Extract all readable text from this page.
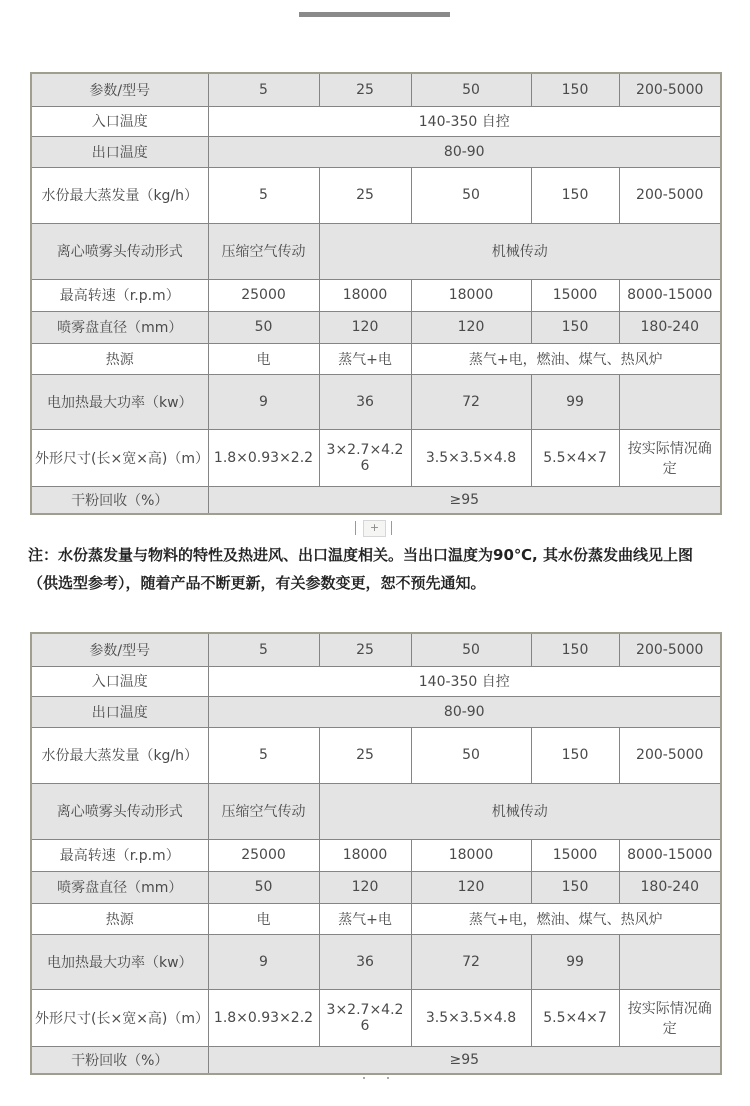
参数/型号	5	25	50	150	200-5000
入口温度	140-350 自控				
出口温度	80-90				
水份最大蒸发量（kg/h）	5	25	50	150	200-5000
离心喷雾头传动形式	压缩空气传动	机械传动			
最高转速（r.p.m）	25000	18000	18000	15000	8000-15000
喷雾盘直径（mm）	50	120	120	150	180-240
热源	电	蒸气+电	蒸气+电，燃油、煤气、热风炉		
电加热最大功率（kw）	9	36	72	99	
外形尺寸(长×宽×高)（m）	1.8×0.93×2.2	3×2.7×4.26	3.5×3.5×4.8	5.5×4×7	按实际情况确定
干粉回收（%）	≥95				
+
注：水份蒸发量与物料的特性及热进风、出口温度相关。当出口温度为90℃, 其水份蒸发曲线见上图
（供选型参考），随着产品不断更新，有关参数变更，恕不预先通知。
参数/型号	5	25	50	150	200-5000
入口温度	140-350 自控				
出口温度	80-90				
水份最大蒸发量（kg/h）	5	25	50	150	200-5000
离心喷雾头传动形式	压缩空气传动	机械传动			
最高转速（r.p.m）	25000	18000	18000	15000	8000-15000
喷雾盘直径（mm）	50	120	120	150	180-240
热源	电	蒸气+电	蒸气+电，燃油、煤气、热风炉		
电加热最大功率（kw）	9	36	72	99	
外形尺寸(长×宽×高)（m）	1.8×0.93×2.2	3×2.7×4.26	3.5×3.5×4.8	5.5×4×7	按实际情况确定
干粉回收（%）	≥95				
